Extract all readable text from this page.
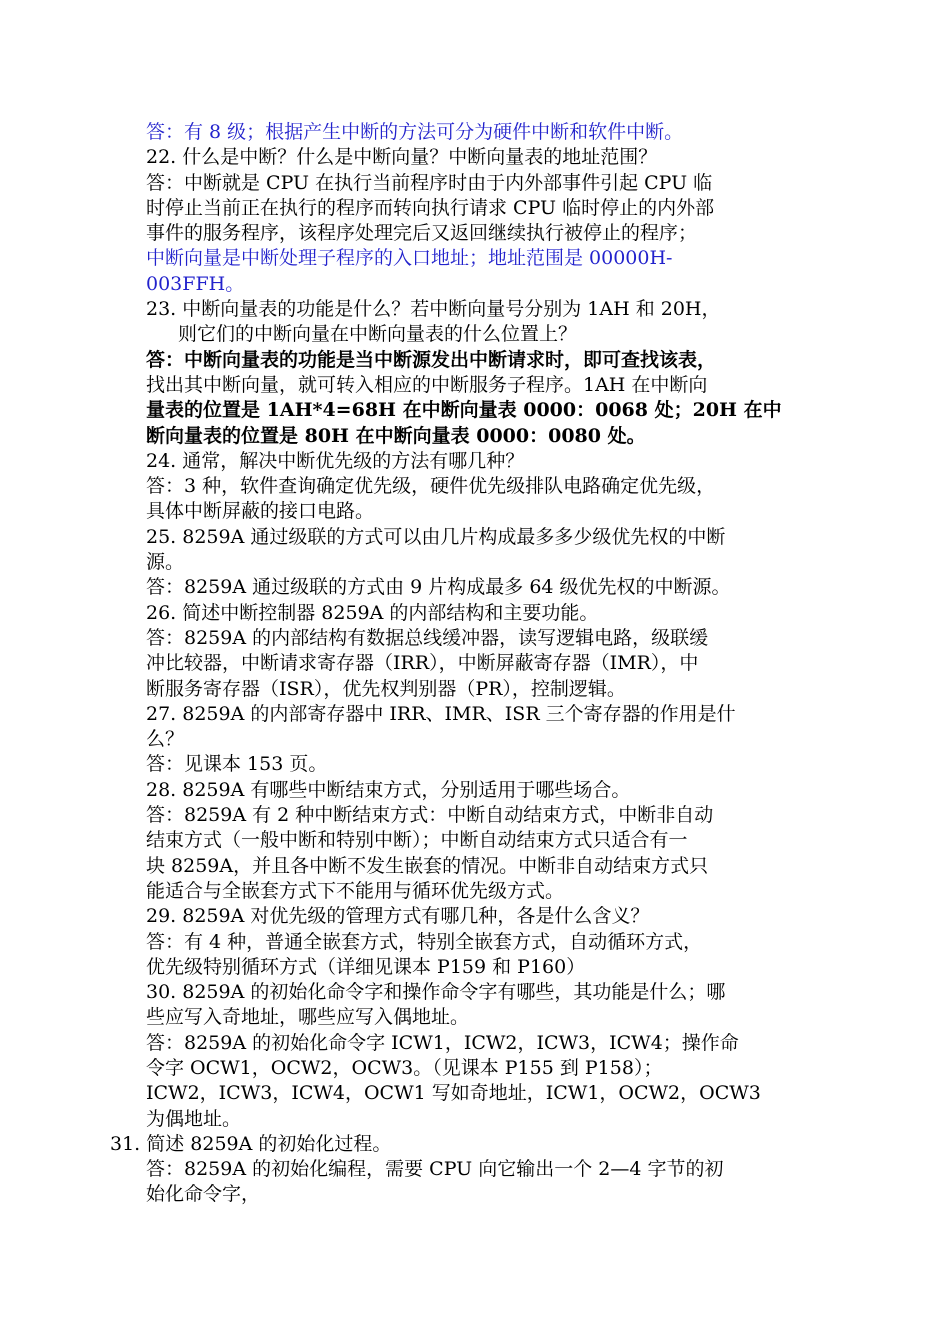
答：有 8 级；根据产生中断的方法可分为硬件中断和软件中断。
22. 什么是中断？什么是中断向量？中断向量表的地址范围？
答：中断就是 CPU 在执行当前程序时由于内外部事件引起 CPU 临
时停止当前正在执行的程序而转向执行请求 CPU 临时停止的内外部
事件的服务程序，该程序处理完后又返回继续执行被停止的程序；
中断向量是中断处理子程序的入口地址；地址范围是 00000H-
003FFH。
23. 中断向量表的功能是什么？若中断向量号分别为 1AH 和 20H，
则它们的中断向量在中断向量表的什么位置上？
答：中断向量表的功能是当中断源发出中断请求时，即可查找该表，
找出其中断向量，就可转入相应的中断服务子程序。1AH 在中断向
量表的位置是 1AH*4=68H 在中断向量表 0000：0068 处；20H 在中
断向量表的位置是 80H 在中断向量表 0000：0080 处。
24. 通常，解决中断优先级的方法有哪几种？
答：3 种，软件查询确定优先级，硬件优先级排队电路确定优先级，
具体中断屏蔽的接口电路。
25. 8259A 通过级联的方式可以由几片构成最多多少级优先权的中断
源。
答：8259A 通过级联的方式由 9 片构成最多 64 级优先权的中断源。
26. 简述中断控制器 8259A 的内部结构和主要功能。
答：8259A 的内部结构有数据总线缓冲器，读写逻辑电路，级联缓
冲比较器，中断请求寄存器（IRR），中断屏蔽寄存器（IMR），中
断服务寄存器（ISR），优先权判别器（PR），控制逻辑。
27. 8259A 的内部寄存器中 IRR、IMR、ISR 三个寄存器的作用是什
么？
答：见课本 153 页。
28. 8259A 有哪些中断结束方式，分别适用于哪些场合。
答：8259A 有 2 种中断结束方式：中断自动结束方式，中断非自动
结束方式（一般中断和特别中断）；中断自动结束方式只适合有一
块 8259A，并且各中断不发生嵌套的情况。中断非自动结束方式只
能适合与全嵌套方式下不能用与循环优先级方式。
29. 8259A 对优先级的管理方式有哪几种，各是什么含义？
答：有 4 种，普通全嵌套方式，特别全嵌套方式，自动循环方式，
优先级特别循环方式（详细见课本 P159 和 P160）
30. 8259A 的初始化命令字和操作命令字有哪些，其功能是什么；哪
些应写入奇地址，哪些应写入偶地址。
答：8259A 的初始化命令字 ICW1，ICW2，ICW3，ICW4；操作命
令字 OCW1，OCW2，OCW3。（见课本 P155 到 P158）；
ICW2，ICW3，ICW4，OCW1 写如奇地址，ICW1，OCW2，OCW3
为偶地址。
31. 简述 8259A 的初始化过程。
答：8259A 的初始化编程，需要 CPU 向它输出一个 2—4 字节的初
始化命令字，
